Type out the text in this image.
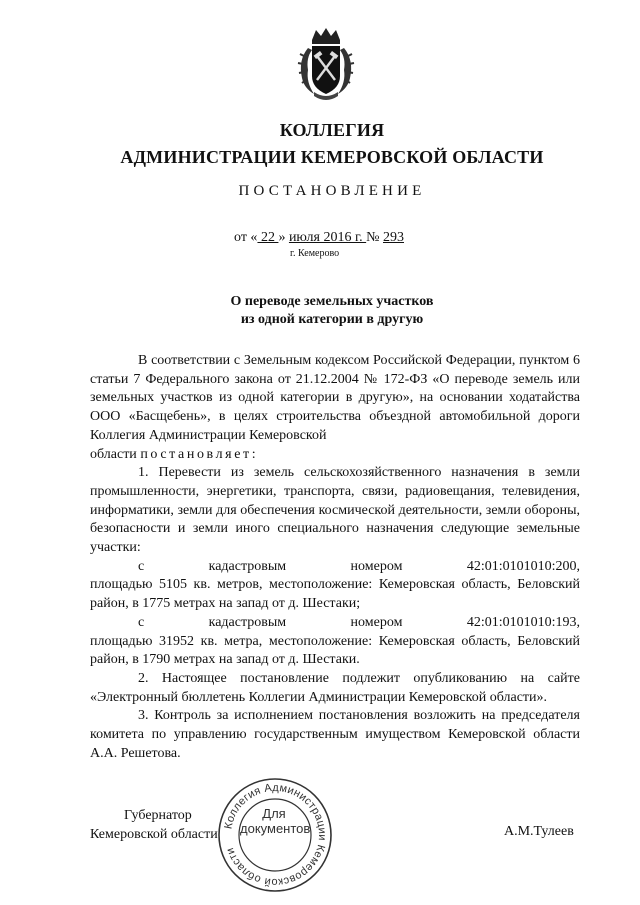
КОЛЛЕГИЯ
АДМИНИСТРАЦИИ КЕМЕРОВСКОЙ ОБЛАСТИ
ПОСТАНОВЛЕНИЕ
от « 22 » июля 2016 г. № 293
г. Кемерово
О переводе земельных участков
из одной категории в другую

В соответствии с Земельным кодексом Российской Федерации, пунктом 6 статьи 7 Федерального закона от 21.12.2004 № 172-ФЗ «О переводе земель или земельных участков из одной категории в другую», на основании ходатайства ООО «Басщебень», в целях строительства объездной автомобильной дороги Коллегия Администрации Кемеровской

области постановляет:

1. Перевести из земель сельскохозяйственного назначения в земли промышленности, энергетики, транспорта, связи, радиовещания, телевидения, информатики, земли для обеспечения космической деятельности, земли обороны, безопасности и земли иного специального назначения следующие земельные участки:

с	кадастровым	номером	42:01:0101010:200,

площадью 5105 кв. метров, местоположение: Кемеровская область, Беловский район, в 1775 метрах на запад от д. Шестаки;

с	кадастровым	номером	42:01:0101010:193,

площадью 31952 кв. метра, местоположение: Кемеровская область, Беловский район, в 1790 метрах на запад от д. Шестаки.

2. Настоящее постановление подлежит опубликованию на сайте «Электронный бюллетень Коллегии Администрации Кемеровской области».

3. Контроль за исполнением постановления возложить на председателя комитета по управлению государственным имуществом Кемеровской области А.А. Решетова.

Коллегия Администрации Кемеровской области
Для
документов
Губернатор
Кемеровской области	А.М.Тулеев
